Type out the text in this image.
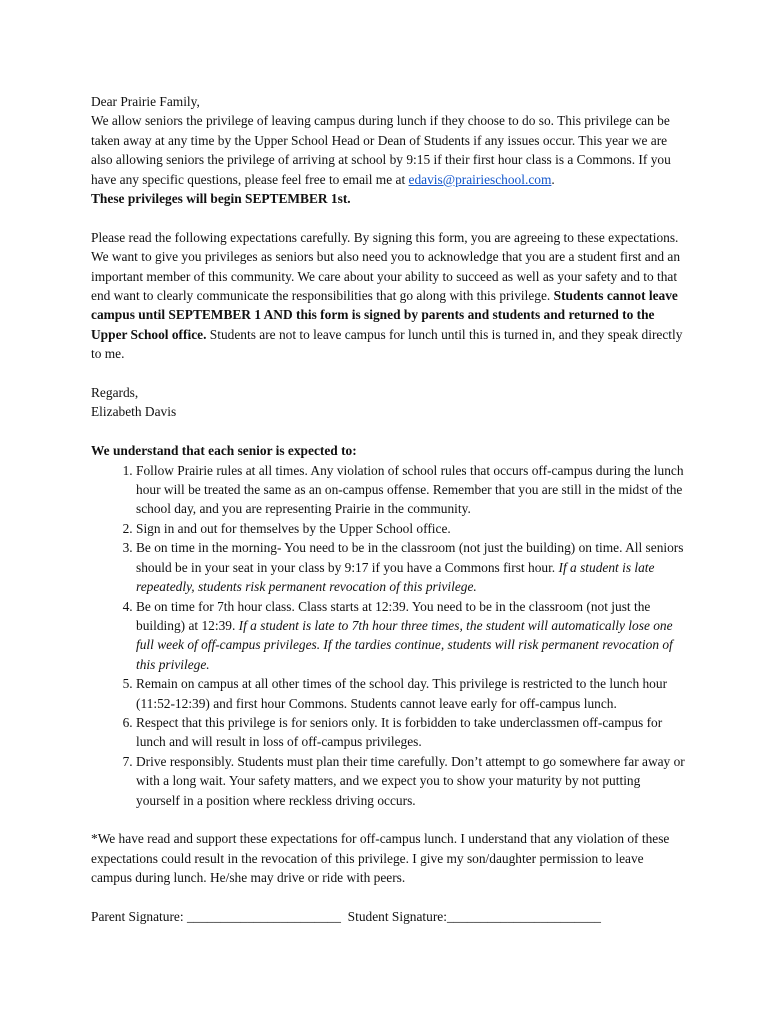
Dear Prairie Family,

We allow seniors the privilege of leaving campus during lunch if they choose to do so. This privilege can be taken away at any time by the Upper School Head or Dean of Students if any issues occur. This year we are also allowing seniors the privilege of arriving at school by 9:15 if their first hour class is a Commons. If you have any specific questions, please feel free to email me at edavis@prairieschool.com.
These privileges will begin SEPTEMBER 1st.

Please read the following expectations carefully. By signing this form, you are agreeing to these expectations. We want to give you privileges as seniors but also need you to acknowledge that you are a student first and an important member of this community. We care about your ability to succeed as well as your safety and to that end want to clearly communicate the responsibilities that go along with this privilege. Students cannot leave campus until SEPTEMBER 1 AND this form is signed by parents and students and returned to the Upper School office. Students are not to leave campus for lunch until this is turned in, and they speak directly to me.

Regards,

Elizabeth Davis

We understand that each senior is expected to:

1. Follow Prairie rules at all times. Any violation of school rules that occurs off-campus during the lunch hour will be treated the same as an on-campus offense. Remember that you are still in the midst of the school day, and you are representing Prairie in the community.
2. Sign in and out for themselves by the Upper School office.
3. Be on time in the morning- You need to be in the classroom (not just the building) on time. All seniors should be in your seat in your class by 9:17 if you have a Commons first hour. If a student is late repeatedly, students risk permanent revocation of this privilege.
4. Be on time for 7th hour class. Class starts at 12:39. You need to be in the classroom (not just the building) at 12:39. If a student is late to 7th hour three times, the student will automatically lose one full week of off-campus privileges. If the tardies continue, students will risk permanent revocation of this privilege.
5. Remain on campus at all other times of the school day. This privilege is restricted to the lunch hour (11:52-12:39) and first hour Commons. Students cannot leave early for off-campus lunch.
6. Respect that this privilege is for seniors only. It is forbidden to take underclassmen off-campus for lunch and will result in loss of off-campus privileges.
7. Drive responsibly. Students must plan their time carefully. Don’t attempt to go somewhere far away or with a long wait. Your safety matters, and we expect you to show your maturity by not putting yourself in a position where reckless driving occurs.

*We have read and support these expectations for off-campus lunch. I understand that any violation of these expectations could result in the revocation of this privilege. I give my son/daughter permission to leave campus during lunch. He/she may drive or ride with peers.

Parent Signature: _______________________ Student Signature:_______________________
